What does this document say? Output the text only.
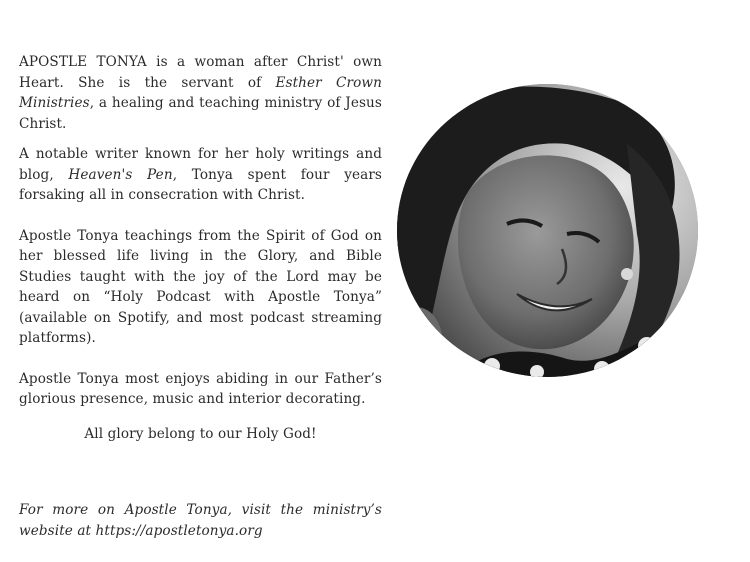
APOSTLE TONYA is a woman after Christ' own Heart. She is the servant of Esther Crown Ministries, a healing and teaching ministry of Jesus Christ.

A notable writer known for her holy writings and blog, Heaven's Pen, Tonya spent four years forsaking all in consecration with Christ.

Apostle Tonya teachings from the Spirit of God on her blessed life living in the Glory, and Bible Studies taught with the joy of the Lord may be heard on “Holy Podcast with Apostle Tonya” (available on Spotify, and most podcast streaming platforms).

Apostle Tonya most enjoys abiding in our Father’s glorious presence, music and interior decorating.

All glory belong to our Holy God!

For more on Apostle Tonya, visit the ministry’s website at https://apostletonya.org
